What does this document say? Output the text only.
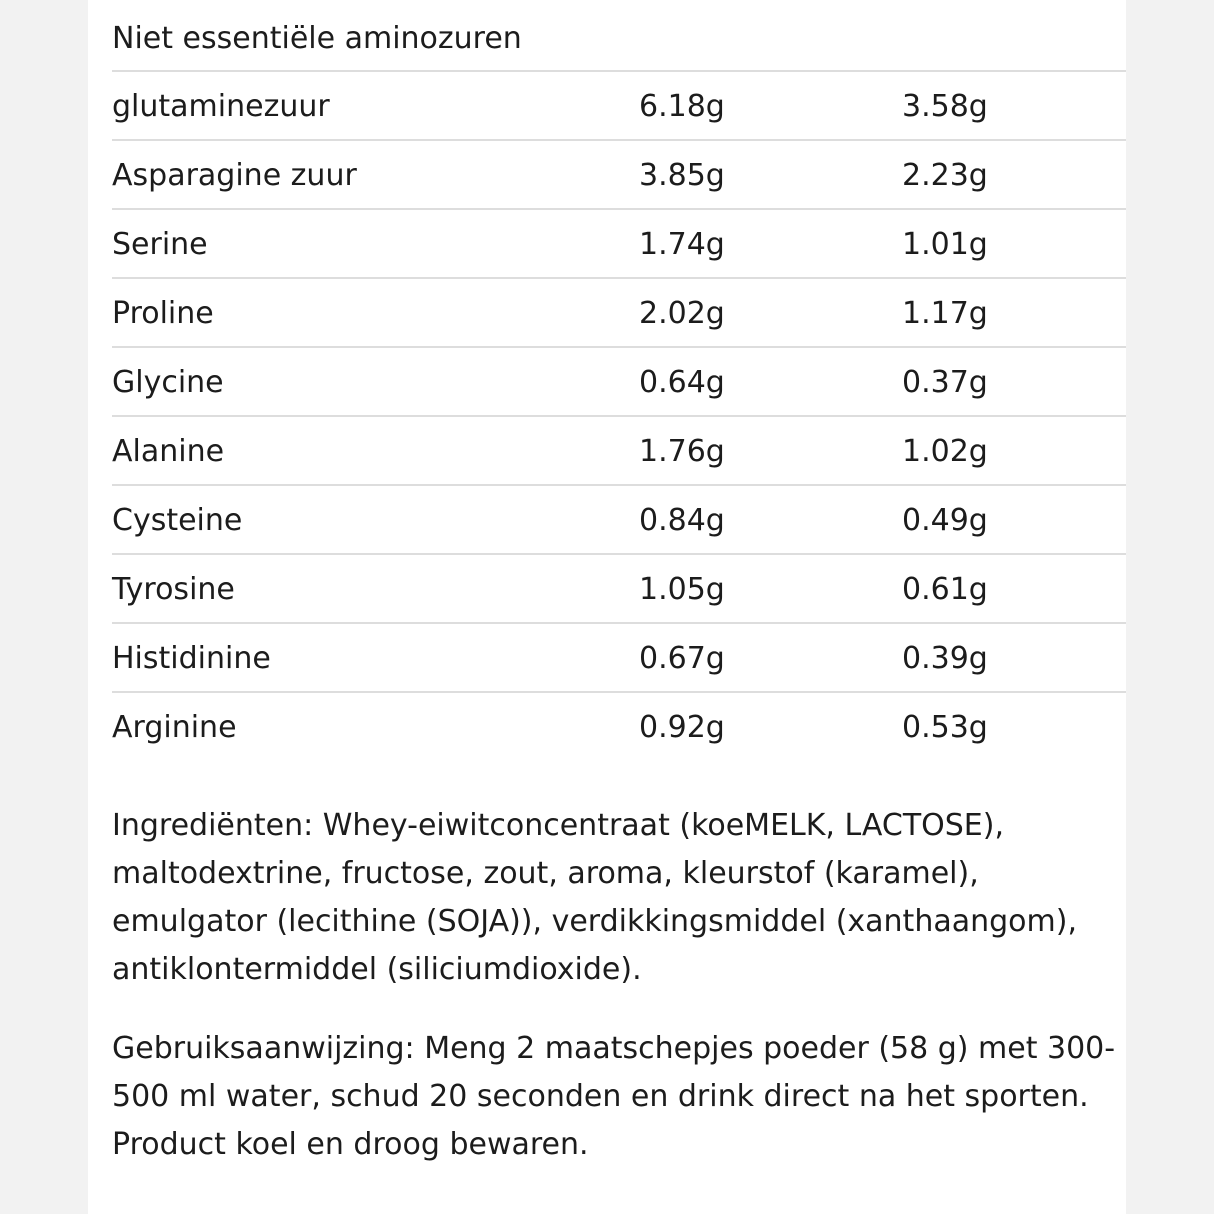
Niet essentiële aminozuren
glutaminezuur	6.18g	3.58g
Asparagine zuur	3.85g	2.23g
Serine	1.74g	1.01g
Proline	2.02g	1.17g
Glycine	0.64g	0.37g
Alanine	1.76g	1.02g
Cysteine	0.84g	0.49g
Tyrosine	1.05g	0.61g
Histidinine	0.67g	0.39g
Arginine	0.92g	0.53g

Ingrediënten: Whey-eiwitconcentraat (koeMELK, LACTOSE), maltodextrine, fructose, zout, aroma, kleurstof (karamel), emulgator (lecithine (SOJA)), verdikkingsmiddel (xanthaangom), antiklontermiddel (siliciumdioxide).

Gebruiksaanwijzing: Meng 2 maatschepjes poeder (58 g) met 300-500 ml water, schud 20 seconden en drink direct na het sporten. Product koel en droog bewaren.
